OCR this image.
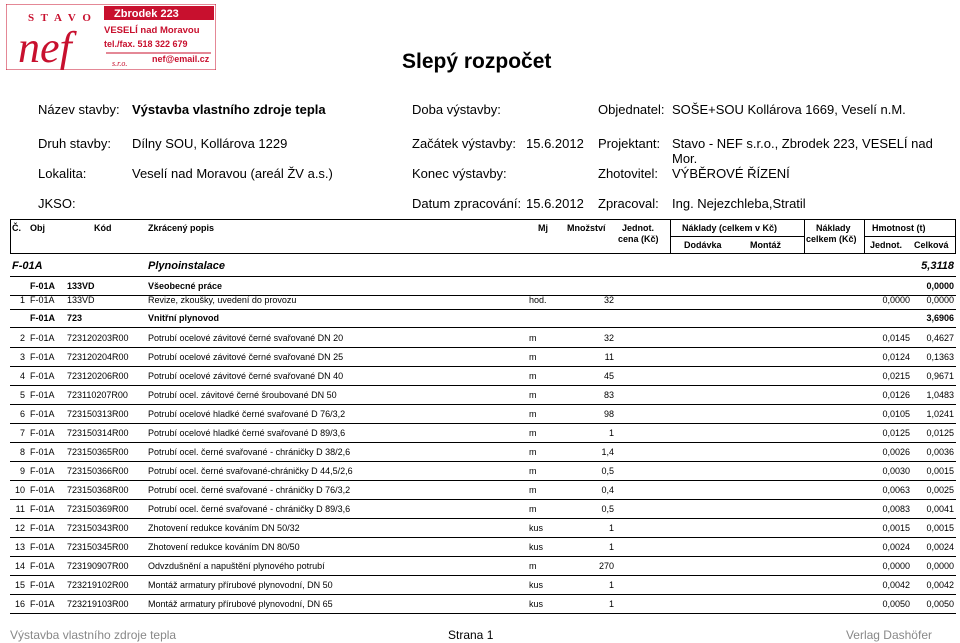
S T A V O
nef	s.r.o.
Zbrodek 223
VESELÍ nad Moravou
tel./fax. 518 322 679
nef@email.cz	Slepý rozpočet
Název stavby: Výstavba vlastního zdroje tepla	Doba výstavby:	Objednatel: SOŠE+SOU Kollárova 1669, Veselí n.M.
Druh stavby: Dílny SOU, Kollárova 1229	Začátek výstavby: 15.6.2012 Projektant: Stavo - NEF s.r.o., Zbrodek 223, VESELÍ nad
Mor.
Lokalita:	Veselí nad Moravou (areál ŽV a.s.)	Konec výstavby:	Zhotovitel: VÝBĚROVÉ ŘÍZENÍ
JKSO:	Datum zpracování: 15.6.2012 Zpracoval: Ing. Nejezchleba,Stratil
Č. Obj	Kód	Zkrácený popis	Mj Množství Jednot.
cena (Kč)
Náklady (celkem v Kč)
Dodávka	Montáž
Náklady
celkem (Kč)
Hmotnost (t)
Jednot. Celková
F-01A	Plynoinstalace	5,3118
F-01A 133VD	Všeobecné práce	0,0000
1 F-01A 133VD	Revize, zkoušky, uvedení do provozu	hod.	32	0,0000 0,0000
F-01A 723	Vnitřní plynovod	3,6906
2 F-01A 723120203R00 Potrubí ocelové závitové černé svařované DN 20	m	32	0,0145 0,4627
3 F-01A 723120204R00 Potrubí ocelové závitové černé svařované DN 25	m	11	0,0124 0,1363
4 F-01A 723120206R00 Potrubí ocelové závitové černé svařované DN 40	m	45	0,0215 0,9671
5 F-01A 723110207R00 Potrubí ocel. závitové černé šroubované DN 50	m	83	0,0126 1,0483
6 F-01A 723150313R00 Potrubí ocelové hladké černé svařované D 76/3,2	m	98	0,0105 1,0241
7 F-01A 723150314R00 Potrubí ocelové hladké černé svařované D 89/3,6	m	1	0,0125 0,0125
8 F-01A 723150365R00 Potrubí ocel. černé svařované - chráničky D 38/2,6	m	1,4	0,0026 0,0036
9 F-01A 723150366R00 Potrubí ocel. černé svařované-chráničky D 44,5/2,6	m	0,5	0,0030 0,0015
10 F-01A 723150368R00 Potrubí ocel. černé svařované - chráničky D 76/3,2	m	0,4	0,0063 0,0025
11 F-01A 723150369R00 Potrubí ocel. černé svařované - chráničky D 89/3,6	m	0,5	0,0083 0,0041
12 F-01A 723150343R00 Zhotovení redukce kováním DN 50/32	kus	1	0,0015 0,0015
13 F-01A 723150345R00 Zhotovení redukce kováním DN 80/50	kus	1	0,0024 0,0024
14 F-01A 723190907R00 Odvzdušnění a napuštění plynového potrubí	m	270	0,0000 0,0000
15 F-01A 723219102R00 Montáž armatury přírubové plynovodní, DN 50	kus	1	0,0042 0,0042
16 F-01A 723219103R00 Montáž armatury přírubové plynovodní, DN 65	kus	1	0,0050 0,0050
Výstavba vlastního zdroje tepla	Strana 1	Verlag Dashöfer
